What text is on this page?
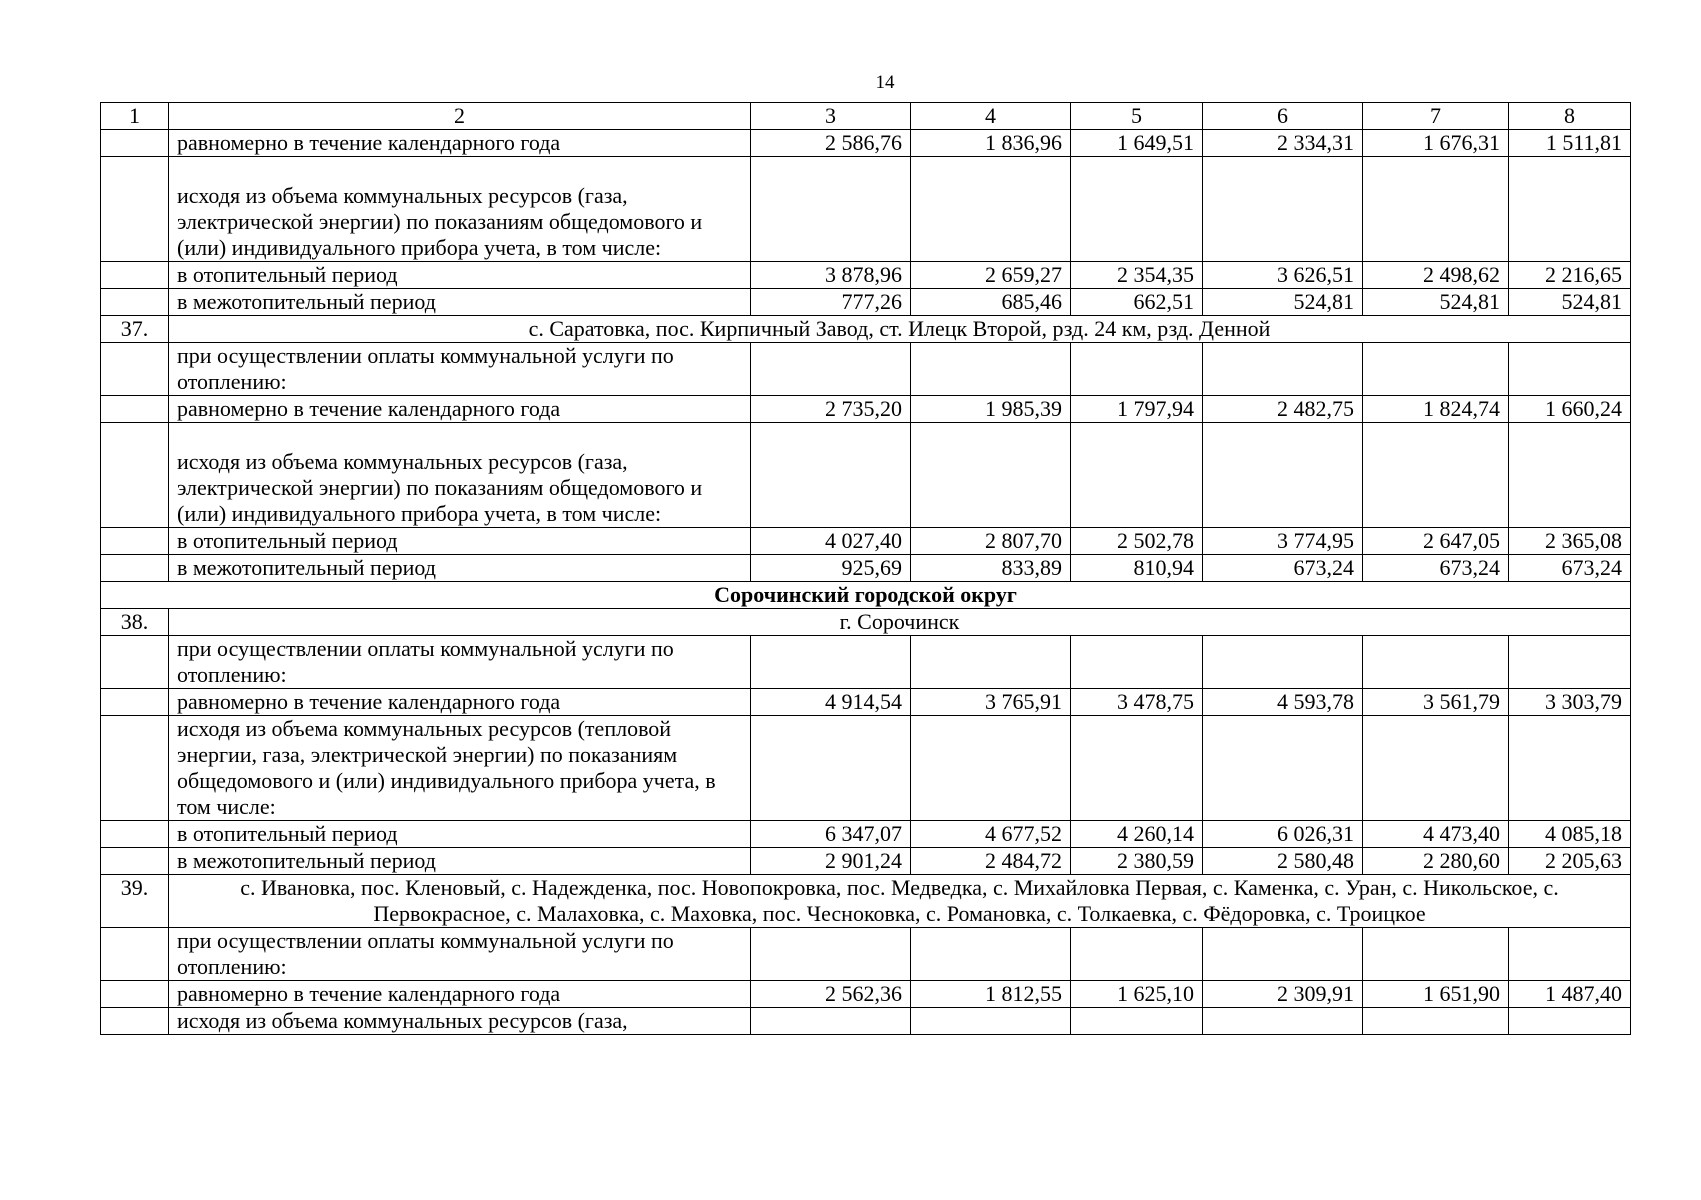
14
1	2	3	4	5	6	7	8
	равномерно в течение календарного года	2 586,76	1 836,96	1 649,51	2 334,31	1 676,31	1 511,81
	исходя из объема коммунальных ресурсов (газа, электрической энергии) по показаниям общедомового и (или) индивидуального прибора учета, в том числе:						
	в отопительный период	3 878,96	2 659,27	2 354,35	3 626,51	2 498,62	2 216,65
	в межотопительный период	777,26	685,46	662,51	524,81	524,81	524,81
37.	с. Саратовка, пос. Кирпичный Завод, ст. Илецк Второй, рзд. 24 км, рзд. Денной						
	при осуществлении оплаты коммунальной услуги по отоплению:						
	равномерно в течение календарного года	2 735,20	1 985,39	1 797,94	2 482,75	1 824,74	1 660,24
	исходя из объема коммунальных ресурсов (газа, электрической энергии) по показаниям общедомового и (или) индивидуального прибора учета, в том числе:						
	в отопительный период	4 027,40	2 807,70	2 502,78	3 774,95	2 647,05	2 365,08
	в межотопительный период	925,69	833,89	810,94	673,24	673,24	673,24
Сорочинский городской округ							
38.	г. Сорочинск						
	при осуществлении оплаты коммунальной услуги по отоплению:						
	равномерно в течение календарного года	4 914,54	3 765,91	3 478,75	4 593,78	3 561,79	3 303,79
	исходя из объема коммунальных ресурсов (тепловой энергии, газа, электрической энергии) по показаниям общедомового и (или) индивидуального прибора учета, в том числе:						
	в отопительный период	6 347,07	4 677,52	4 260,14	6 026,31	4 473,40	4 085,18
	в межотопительный период	2 901,24	2 484,72	2 380,59	2 580,48	2 280,60	2 205,63
39.	с. Ивановка, пос. Кленовый, с. Надежденка, пос. Новопокровка, пос. Медведка, с. Михайловка Первая, с. Каменка, с. Уран, с. Никольское, с. Первокрасное, с. Малаховка, с. Маховка, пос. Чесноковка, с. Романовка, с. Толкаевка, с. Фёдоровка, с. Троицкое						
	при осуществлении оплаты коммунальной услуги по отоплению:						
	равномерно в течение календарного года	2 562,36	1 812,55	1 625,10	2 309,91	1 651,90	1 487,40
	исходя из объема коммунальных ресурсов (газа,						
